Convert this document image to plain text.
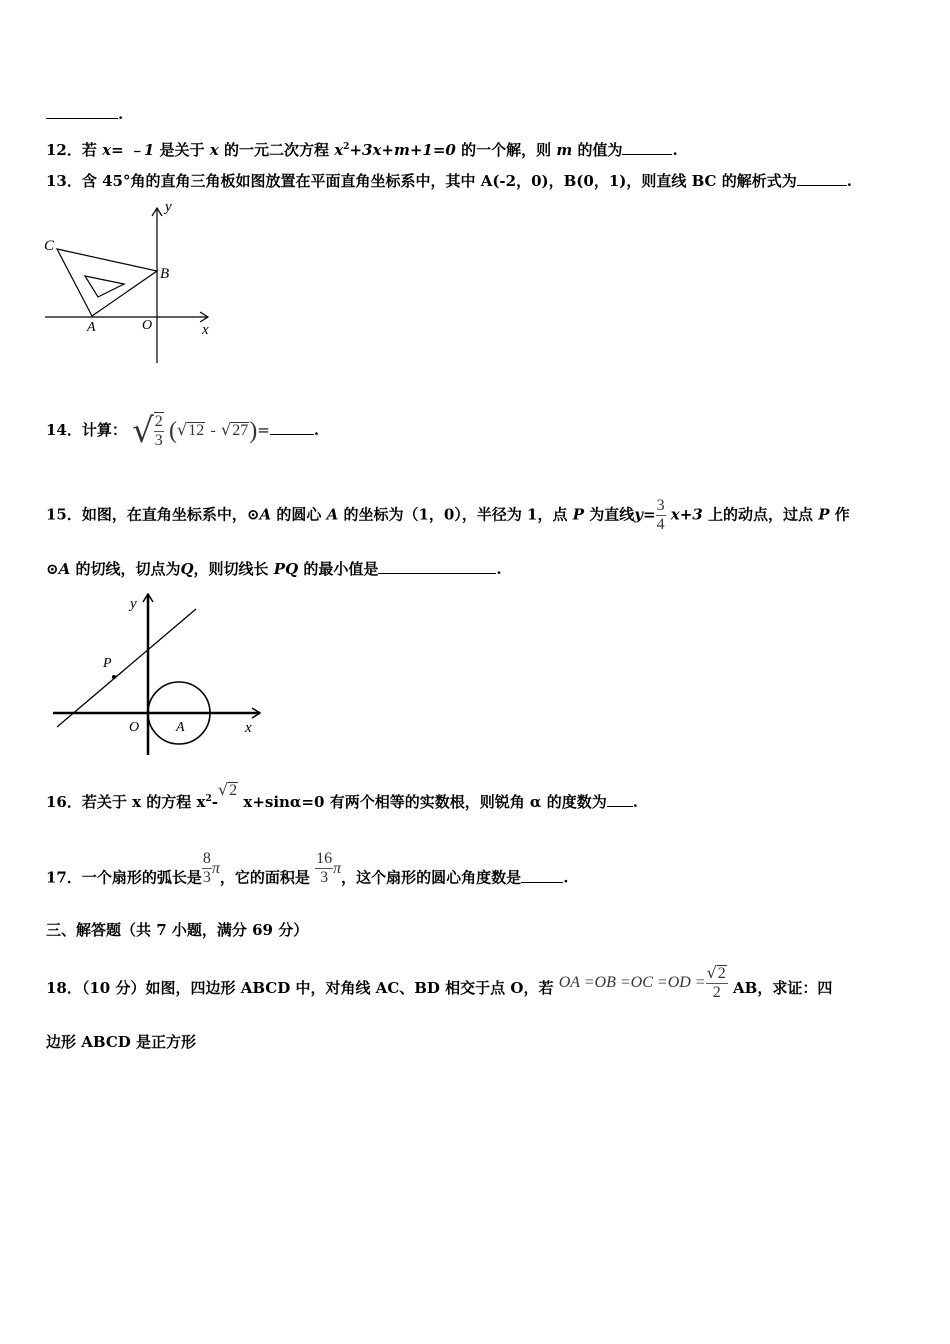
.
12．若 x= ﹣1 是关于 x 的一元二次方程 $x^2+3x+m+1=0$ 的一个解，则 m 的值为	.
13．含 45°角的直角三角板如图放置在平面直角坐标系中，其中 A(-2，0)，B(0，1)，则直线 BC 的解析式为	.
C
B
A	O	x
y
14．计算： √ $\frac{2}{3} (√12 - √27)=$	.
15．如图，在直角坐标系中，⊙A 的圆心 A 的坐标为（1，0），半径为 1，点 P 为直线$y= \frac{3}{4} x+3$ 上的动点，过点 P 作
⊙A 的切线，切点为Q，则切线长 PQ 的最小值是	.
y
P
O	A	x
16．若关于 x 的方程 $x^2-√2$ x+sinα=0 有两个相等的实数根，则锐角 α 的度数为 .
17．一个扇形的弧长是 $\frac{8}{3}$ π，它的面积是 $\frac{16}{3}$ π，这个扇形的圆心角度数是	.
三、解答题（共 7 小题，满分 69 分）
18．（10 分）如图，四边形 ABCD 中，对角线 AC、BD 相交于点 O，若 OA $=OB =OC =OD = \frac{√2}{2}$ AB，求证：四
边形 ABCD 是正方形
